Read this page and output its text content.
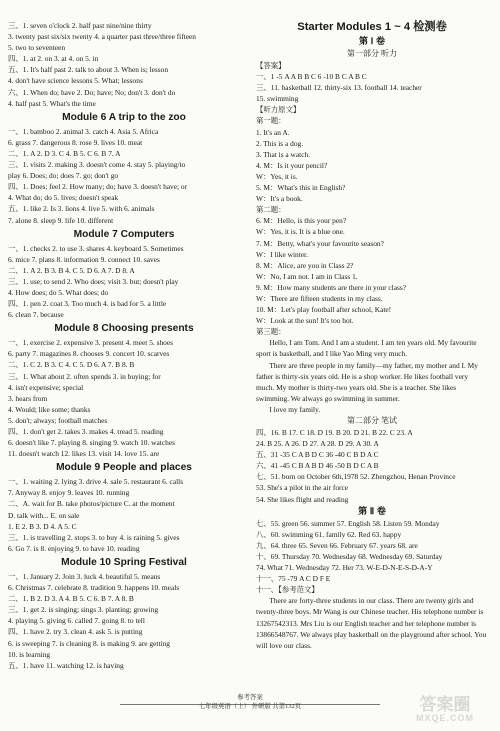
三、1. seven o'clock 2. half past nine/nine thirty
3. twenty past six/six twenty 4. a quarter past three/three fifteen
5. two to seventeen
四、1. at 2. on 3. at 4. on 5. in
五、1. It's half past 2. talk to about 3. When is; lesson
4. don't have science lessons 5. What; lessons
六、1. When do; have 2. Do; have; No; don't 3. don't do
4. half past 5. What's the time
Module 6 A trip to the zoo
一、1. bamboo 2. animal 3. catch 4. Asia 5. Africa
6. grass 7. dangerous 8. rose 9. lives 10. meat
二、1. A 2. D 3. C 4. B 5. C 6. B 7. A
三、1. visits 2. making 3. doesn't come 4. stay 5. playing/to
play 6. Does; do; does 7. go; don't go
四、1. Does; feel 2. How many; do; have 3. doesn't have; or
4. What do; do 5. lives; doesn't speak
五、1. like 2. Is 3. lions 4. live 5. with 6. animals
7. alone 8. sleep 9. life 10. different
Module 7 Computers
一、1. checks 2. to use 3. shares 4. keyboard 5. Sometimes
6. mice 7. plans 8. information 9. connect 10. saves
二、1. A 2. B 3. B 4. C 5. D 6. A 7. D 8. A
三、1. use; to send 2. Who does; visit 3. but; doesn't play
4. How does; do 5. What does; do
四、1. pen 2. coat 3. Too much 4. is bad for 5. a little
6. clean 7. because
Module 8 Choosing presents
一、1. exercise 2. expensive 3. present 4. meet 5. shoes
6. party 7. magazines 8. chooses 9. concert 10. scarves
二、1. C 2. B 3. C 4. C 5. D 6. A 7. B 8. B
三、1. What about 2. often spends 3. in buying; for
4. isn't expensive; special
3. hears from
4. Would; like some; thanks
5. don't; always; football matches
四、1. don't get 2. takes 3. makes 4. tread 5. reading
6. doesn't like 7. playing 8. singing 9. watch 10. watches
11. doesn't watch 12. likes 13. visit 14. love 15. are
Module 9 People and places
一、1. waiting 2. lying 3. drive 4. sale 5. restaurant 6. calls
7. Anyway 8. enjoy 9. leaves 10. running
二、A. wait for B. take photos/picture C. at the moment
D. talk with... E. on sale
1. E 2. B 3. D 4. A 5. C
三、1. is travelling 2. stops 3. to buy 4. is raining 5. gives
6. Go 7. is 8. enjoying 9. to have 10. reading
Module 10 Spring Festival
一、1. January 2. Join 3. luck 4. beautiful 5. means
6. Christmas 7. celebrate 8. tradition 9. happens 10. meals
二、1. B 2. D 3. A 4. B 5. C 6. B 7. A 8. B
三、1. get 2. is singing; sings 3. planting; growing
4. playing 5. giving 6. called 7. going 8. to tell
四、1. have 2. try 3. clean 4. ask 5. is putting
6. is sweeping 7. is cleaning 8. is making 9. are getting
10. is learning
五、1. have 11. watching 12. is having
Starter Modules 1 ~ 4 检测卷
第 Ⅰ 卷
第一部分 听力
【答案】
一、1 -5 A A B B C 6 -10 B C A B C
三、11. basketball 12. thirty-six 13. football 14. teacher
15. swimming
【听力原文】
第一题：
1. It's an A.
2. This is a dog.
3. That is a watch.
4. M：Is it your pencil?
W：Yes, it is.
5. M：What's this in English?
W：It's a book.
第二题：
6. M：Hello, is this your pen?
W：Yes, it is. It is a blue one.
7. M：Betty, what's your favourite season?
W：I like winter.
8. M：Alice, are you in Class 2?
W：No, I am not. I am in Class 1.
9. M：How many students are there in your class?
W：There are fifteen students in my class.
10. M：Let's play football after school, Kate!
W：Look at the sun! It's too hot.
第三题：
Hello, I am Tom. And I am a student. I am ten years old. My favourite sport is basketball, and I like Yao Ming very much.
There are three people in my family—my father, my mother and I. My father is thirty-six years old. He is a shop worker. He likes football very much. My mother is thirty-two years old. She is a teacher. She likes swimming. We always go swimming in summer.
I love my family.
第二部分 笔试
四、16. B 17. C 18. D 19. B 20. D 21. B 22. C 23. A
24. B 25. A 26. D 27. A 28. D 29. A 30. A
五、31 -35 C A B D C 36 -40 C B D A C
六、41 -45 C B A B D 46 -50 B D C A B
七、51. born on October 6th,1978 52. Zhengzhou, Henan Province
53. She's a pilot in the air force
54. She likes flight and reading
第 Ⅱ 卷
七、55. green 56. summer 57. English 58. Listen 59. Monday
八、60. swimming 61. family 62. Red 63. happy
九、64. three 65. Seven 66. February 67. years 68. are
十、69. Thursday 70. Wednesday 68. Wednesday 69. Saturday
74. What 71. Wednesday 72. Her 73. W-E-D-N-E-S-D-A-Y
十一、75 -79 A C D F E
十一、【参考范文】
There are forty-three students in our class. There are twenty girls and twenty-three boys. Mr Wang is our Chinese teacher. His telephone number is 13267542313. Mrs Liu is our English teacher and her telephone number is 13866548767. We always play basketball on the playground after school. You will love our class.
参考答案
七年级英语（上） 外研版 共第132页	答案圈
MXQE.COM
